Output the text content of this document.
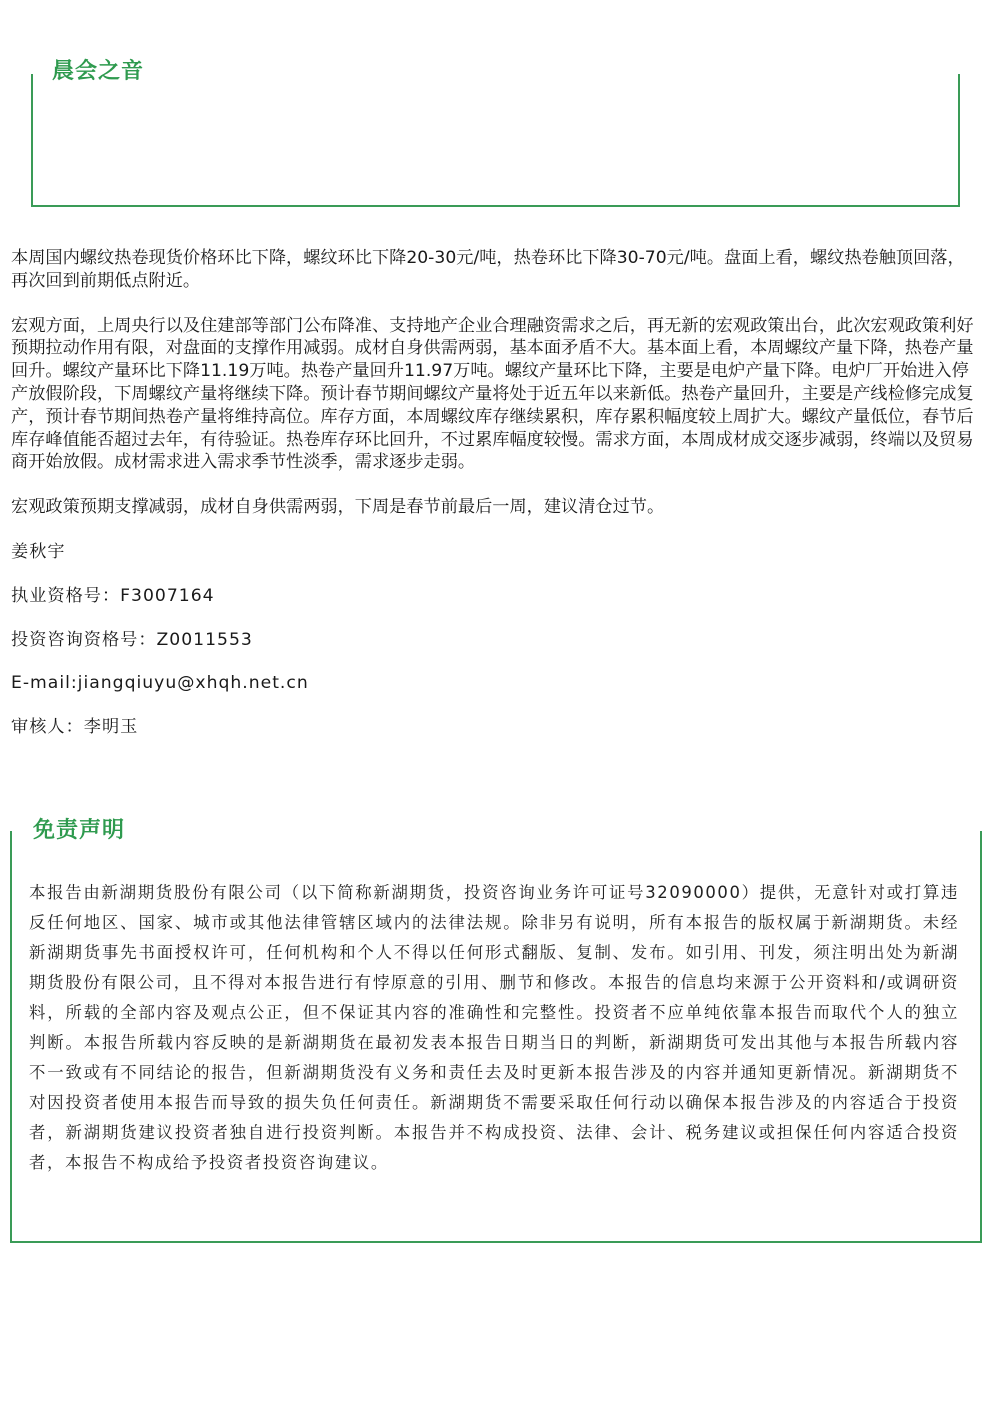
晨会之音

本周国内螺纹热卷现货价格环比下降，螺纹环比下降20-30元/吨，热卷环比下降30-70元/吨。盘面上看，螺纹热卷触顶回落，再次回到前期低点附近。

宏观方面，上周央行以及住建部等部门公布降准、支持地产企业合理融资需求之后，再无新的宏观政策出台，此次宏观政策利好预期拉动作用有限，对盘面的支撑作用减弱。成材自身供需两弱，基本面矛盾不大。基本面上看，本周螺纹产量下降，热卷产量回升。螺纹产量环比下降11.19万吨。热卷产量回升11.97万吨。螺纹产量环比下降，主要是电炉产量下降。电炉厂开始进入停产放假阶段，下周螺纹产量将继续下降。预计春节期间螺纹产量将处于近五年以来新低。热卷产量回升，主要是产线检修完成复产，预计春节期间热卷产量将维持高位。库存方面，本周螺纹库存继续累积，库存累积幅度较上周扩大。螺纹产量低位，春节后库存峰值能否超过去年，有待验证。热卷库存环比回升，不过累库幅度较慢。需求方面，本周成材成交逐步减弱，终端以及贸易商开始放假。成材需求进入需求季节性淡季，需求逐步走弱。

宏观政策预期支撑减弱，成材自身供需两弱，下周是春节前最后一周，建议清仓过节。

姜秋宇

执业资格号：F3007164

投资咨询资格号：Z0011553

E-mail:jiangqiuyu@xhqh.net.cn

审核人：李明玉

免责声明
本报告由新湖期货股份有限公司（以下简称新湖期货，投资咨询业务许可证号32090000）提供，无意针对或打算违反任何地区、国家、城市或其他法律管辖区域内的法律法规。除非另有说明，所有本报告的版权属于新湖期货。未经新湖期货事先书面授权许可，任何机构和个人不得以任何形式翻版、复制、发布。如引用、刊发，须注明出处为新湖期货股份有限公司，且不得对本报告进行有悖原意的引用、删节和修改。本报告的信息均来源于公开资料和/或调研资料，所载的全部内容及观点公正，但不保证其内容的准确性和完整性。投资者不应单纯依靠本报告而取代个人的独立判断。本报告所载内容反映的是新湖期货在最初发表本报告日期当日的判断，新湖期货可发出其他与本报告所载内容不一致或有不同结论的报告，但新湖期货没有义务和责任去及时更新本报告涉及的内容并通知更新情况。新湖期货不对因投资者使用本报告而导致的损失负任何责任。新湖期货不需要采取任何行动以确保本报告涉及的内容适合于投资者，新湖期货建议投资者独自进行投资判断。本报告并不构成投资、法律、会计、税务建议或担保任何内容适合投资者，本报告不构成给予投资者投资咨询建议。
